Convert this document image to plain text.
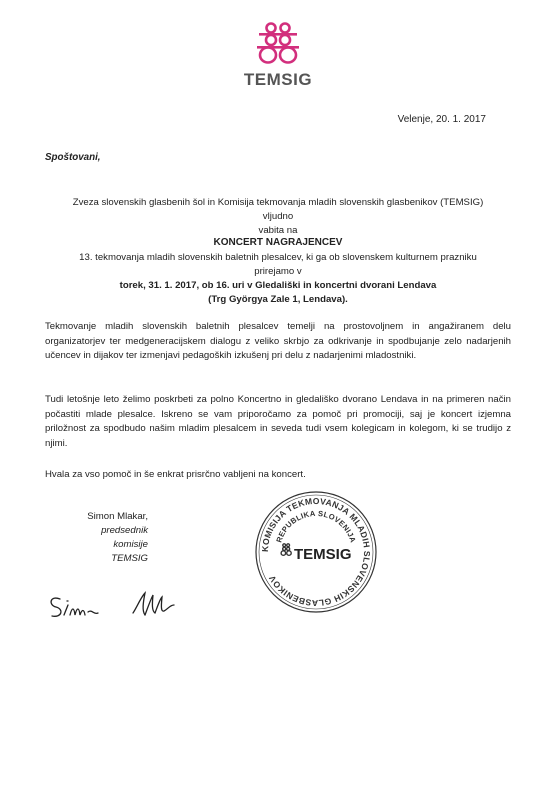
TEMSIG
Velenje, 20. 1. 2017
Spoštovani,
Zveza slovenskih glasbenih šol in Komisija tekmovanja mladih slovenskih glasbenikov (TEMSIG) vljudno
vabita na
KONCERT NAGRAJENCEV
13. tekmovanja mladih slovenskih baletnih plesalcev, ki ga ob slovenskem kulturnem prazniku
prirejamo v
torek, 31. 1. 2017, ob 16. uri v Gledališki in koncertni dvorani Lendava
(Trg Györgya Zale 1, Lendava).
Tekmovanje mladih slovenskih baletnih plesalcev temelji na prostovoljnem in angažiranem delu organizatorjev ter medgeneracijskem dialogu z veliko skrbjo za odkrivanje in spodbujanje zelo nadarjenih učencev in dijakov ter izmenjavi pedagoških izkušenj pri delu z nadarjenimi mladostniki.
Tudi letošnje leto želimo poskrbeti za polno Koncertno in gledališko dvorano Lendava in na primeren način počastiti mlade plesalce. Iskreno se vam priporočamo za pomoč pri promociji, saj je koncert izjemna priložnost za spodbudo našim mladim plesalcem in seveda tudi vsem kolegicam in kolegom, ki se trudijo z njimi.
Hvala za vso pomoč in še enkrat prisrčno vabljeni na koncert.
Simon Mlakar,
predsednik komisije
TEMSIG
KOMISIJA TEKMOVANJA MLADIH SLOVENSKIH GLASBENIKOV
REPUBLIKA SLOVENIJA
TEMSIG
